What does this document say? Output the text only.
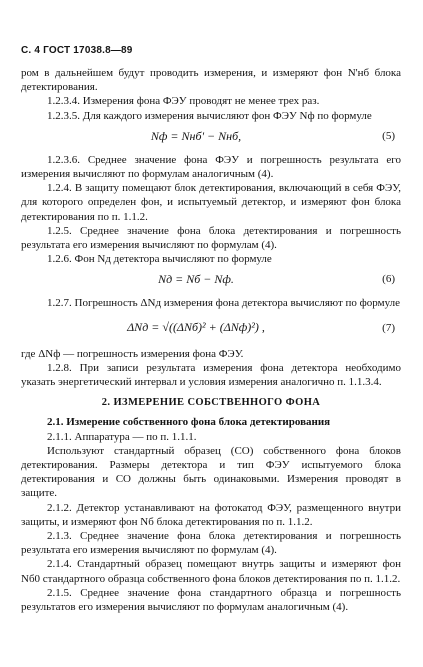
С. 4 ГОСТ 17038.8—89

ром в дальнейшем будут проводить измерения, и измеряют фон N'нб блока детектирования.

1.2.3.4. Измерения фона ФЭУ проводят не менее трех раз.

1.2.3.5. Для каждого измерения вычисляют фон ФЭУ Nф по формуле

Nф = Nнб' − Nнб,	(5)

1.2.3.6. Среднее значение фона ФЭУ и погрешность результата его измерения вычисляют по формулам аналогичным (4).

1.2.4. В защиту помещают блок детектирования, включающий в себя ФЭУ, для которого определен фон, и испытуемый детектор, и измеряют фон блока детектирования по п. 1.1.2.

1.2.5. Среднее значение фона блока детектирования и погрешность результата его измерения вычисляют по формулам (4).

1.2.6. Фон Nд детектора вычисляют по формуле

Nд = Nб − Nф.	(6)

1.2.7. Погрешность ΔNд измерения фона детектора вычисляют по формуле

ΔNд = √((ΔNб)² + (ΔNф)²) ,	(7)

где ΔNф — погрешность измерения фона ФЭУ.

1.2.8. При записи результата измерения фона детектора необходимо указать энергетический интервал и условия измерения аналогично п. 1.1.3.4.

2. ИЗМЕРЕНИЕ СОБСТВЕННОГО ФОНА

2.1. Измерение собственного фона блока детектирования

2.1.1. Аппаратура — по п. 1.1.1.

Используют стандартный образец (СО) собственного фона блоков детектирования. Размеры детектора и тип ФЭУ испытуемого блока детектирования и СО должны быть одинаковыми. Измерения проводят в защите.

2.1.2. Детектор устанавливают на фотокатод ФЭУ, размещенного внутри защиты, и измеряют фон Nб блока детектирования по п. 1.1.2.

2.1.3. Среднее значение фона блока детектирования и погрешность результата его измерения вычисляют по формулам (4).

2.1.4. Стандартный образец помещают внутрь защиты и измеряют фон Nб0 стандартного образца собственного фона блоков детектирования по п. 1.1.2.

2.1.5. Среднее значение фона стандартного образца и погрешность результатов его измерения вычисляют по формулам аналогичным (4).
